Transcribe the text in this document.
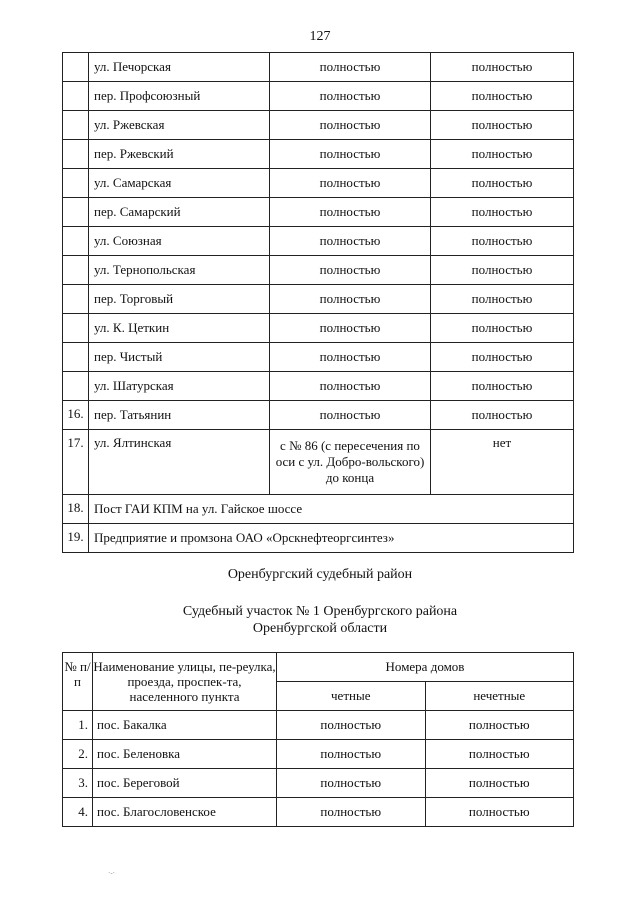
127
	ул. Печорская	полностью	полностью
	пер. Профсоюзный	полностью	полностью
	ул. Ржевская	полностью	полностью
	пер. Ржевский	полностью	полностью
	ул. Самарская	полностью	полностью
	пер. Самарский	полностью	полностью
	ул. Союзная	полностью	полностью
	ул. Тернопольская	полностью	полностью
	пер. Торговый	полностью	полностью
	ул. К. Цеткин	полностью	полностью
	пер. Чистый	полностью	полностью
	ул. Шатурская	полностью	полностью
16.	пер. Татьянин	полностью	полностью
17.	ул. Ялтинская	с № 86 (с пересечения по оси с ул. Добро-вольского) до конца	нет
18.	Пост ГАИ КПМ на ул. Гайское шоссе		
19.	Предприятие и промзона ОАО «Орскнефтеоргсинтез»		
Оренбургский судебный район
Судебный участок № 1 Оренбургского района
Оренбургской области
№ п/п	Наименование улицы, пе-реулка, проезда, проспек-та, населенного пункта	Номера домов	
		четные	нечетные
1.	пос. Бакалка	полностью	полностью
2.	пос. Беленовка	полностью	полностью
3.	пос. Береговой	полностью	полностью
4.	пос. Благословенское	полностью	полностью
·-·
